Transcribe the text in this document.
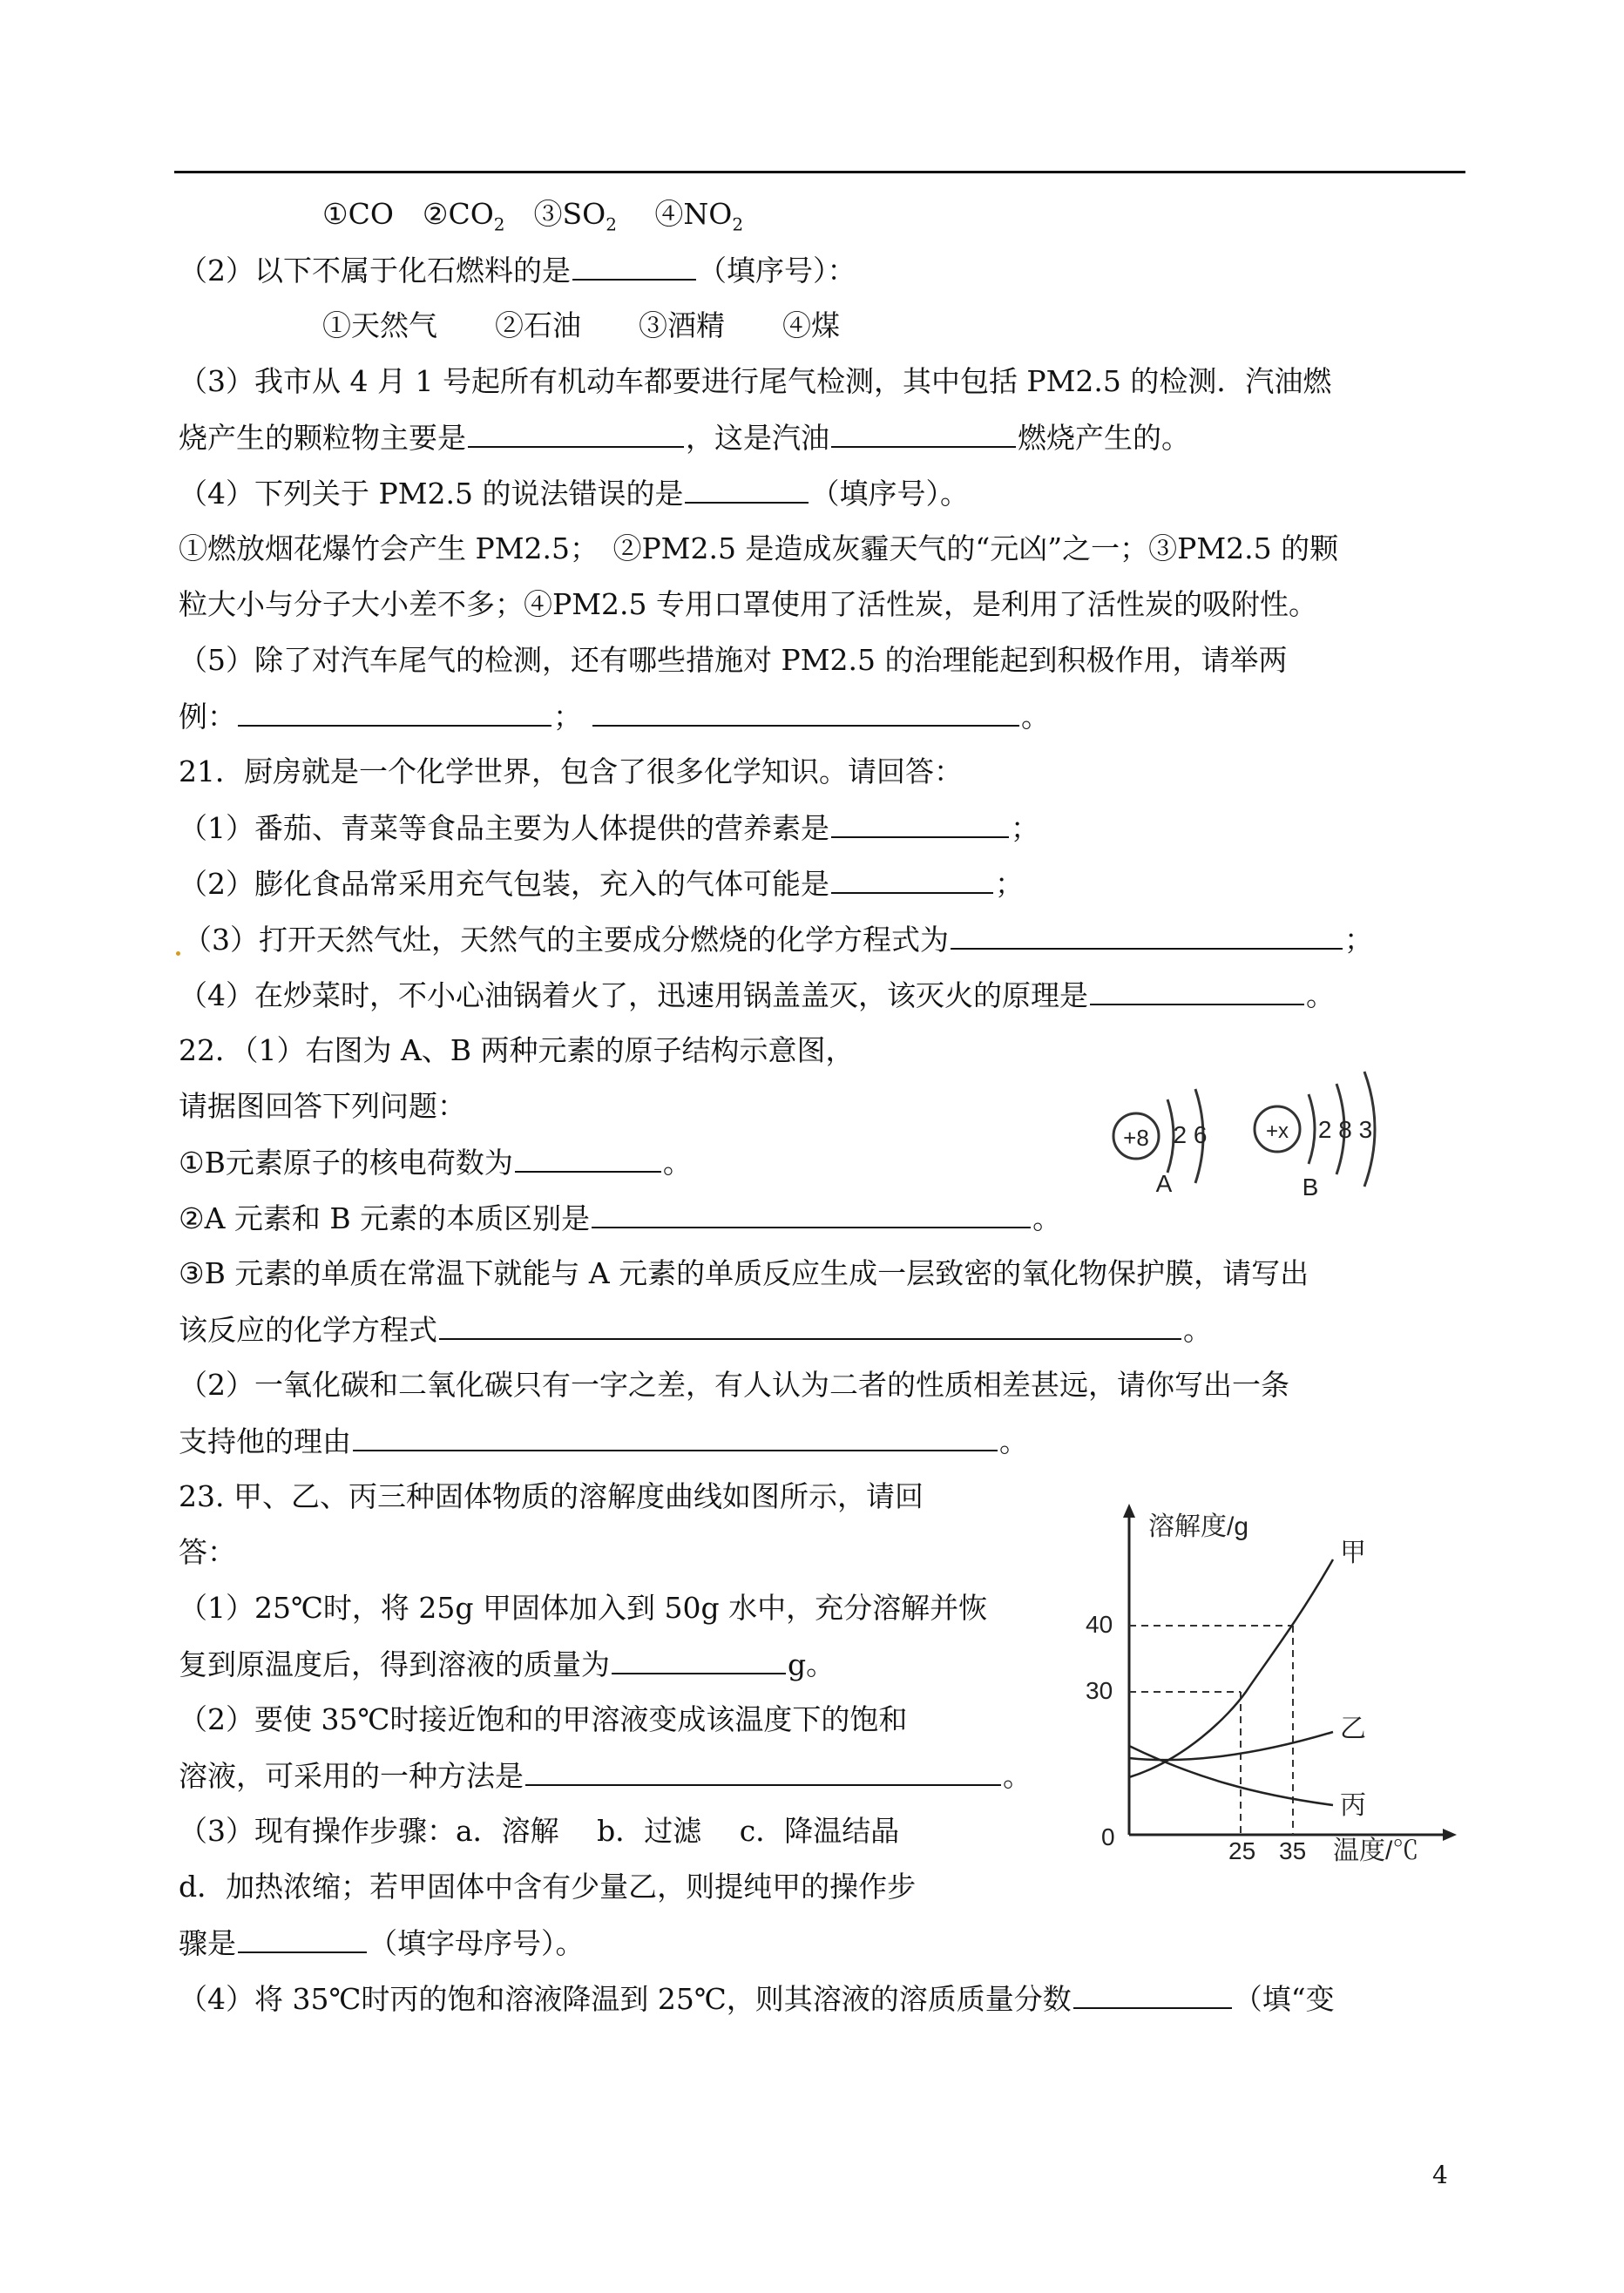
①CO　 $②CO_2$　 $③SO_2$　 $④NO_2$
（2）以下不属于化石燃料的是	（填序号）：
①天然气　　②石油　　③酒精　　④煤
（3）我市从 4 月 1 号起所有机动车都要进行尾气检测，其中包括 PM2.5 的检测．汽油燃
烧产生的颗粒物主要是	，这是汽油	燃烧产生的。
（4）下列关于 PM2.5 的说法错误的是	（填序号）。
①燃放烟花爆竹会产生 PM2.5；　②PM2.5 是造成灰霾天气的“元凶”之一；③PM2.5 的颗
粒大小与分子大小差不多；④PM2.5 专用口罩使用了活性炭，是利用了活性炭的吸附性。
（5）除了对汽车尾气的检测，还有哪些措施对 PM2.5 的治理能起到积极作用，请举两
例：	；	。
21．厨房就是一个化学世界，包含了很多化学知识。请回答：
（1）番茄、青菜等食品主要为人体提供的营养素是	；
（2）膨化食品常采用充气包装，充入的气体可能是	；
（3）打开天然气灶，天然气的主要成分燃烧的化学方程式为	；
（4）在炒菜时，不小心油锅着火了，迅速用锅盖盖灭，该灭火的原理是	。
22．（1）右图为 A、B 两种元素的原子结构示意图，
请据图回答下列问题：
①B元素原子的核电荷数为	。
②A 元素和 B 元素的本质区别是	。
③B 元素的单质在常温下就能与 A 元素的单质反应生成一层致密的氧化物保护膜，请写出
该反应的化学方程式	。
（2）一氧化碳和二氧化碳只有一字之差，有人认为二者的性质相差甚远，请你写出一条
支持他的理由	。
+8 2 6
A
+x 2 8 3
B
23. 甲、乙、丙三种固体物质的溶解度曲线如图所示，请回
答：
（1）25℃时，将 25g 甲固体加入到 50g 水中，充分溶解并恢
复到原温度后，得到溶液的质量为	g。
（2）要使 35℃时接近饱和的甲溶液变成该温度下的饱和
溶液，可采用的一种方法是	。
（3）现有操作步骤：a．溶解　 b．过滤　 c．降温结晶
d．加热浓缩；若甲固体中含有少量乙，则提纯甲的操作步
骤是	（填字母序号）。
（4）将 35℃时丙的饱和溶液降温到 25℃，则其溶液的溶质质量分数	（填“变
溶解度/g
温度/℃
0
40
30
25 35
甲
乙
丙
4
